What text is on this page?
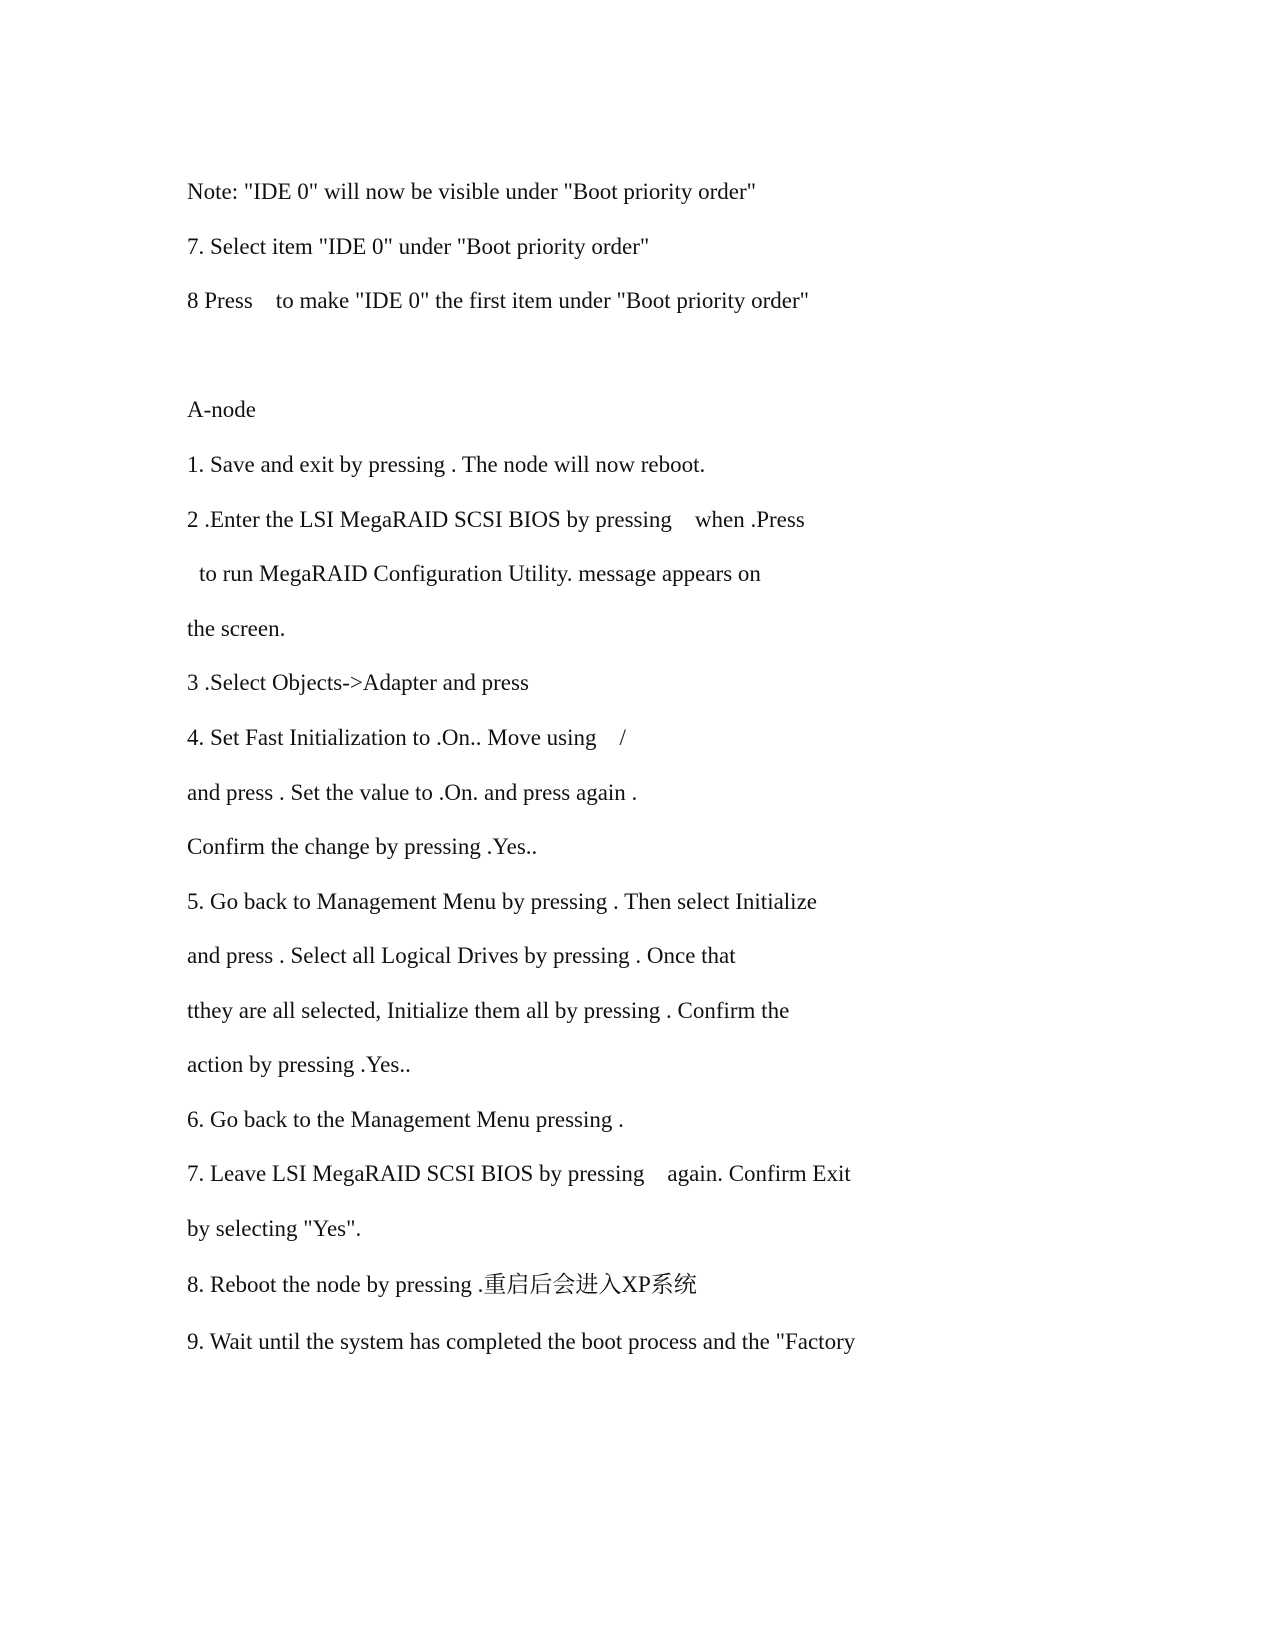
Note: "IDE 0" will now be visible under "Boot priority order"
7. Select item "IDE 0" under "Boot priority order"
8 Press    to make "IDE 0" the first item under "Boot priority order"
A-node
1. Save and exit by pressing . The node will now reboot.
2 .Enter the LSI MegaRAID SCSI BIOS by pressing    when .Press
to run MegaRAID Configuration Utility. message appears on
the screen.
3 .Select Objects->Adapter and press
4. Set Fast Initialization to .On.. Move using    /
and press . Set the value to .On. and press again .
Confirm the change by pressing .Yes..
5. Go back to Management Menu by pressing . Then select Initialize
and press . Select all Logical Drives by pressing . Once that
tthey are all selected, Initialize them all by pressing . Confirm the
action by pressing .Yes..
6. Go back to the Management Menu pressing .
7. Leave LSI MegaRAID SCSI BIOS by pressing    again. Confirm Exit
by selecting "Yes".
8. Reboot the node by pressing .重启后会进入XP系统
9. Wait until the system has completed the boot process and the "Factory
